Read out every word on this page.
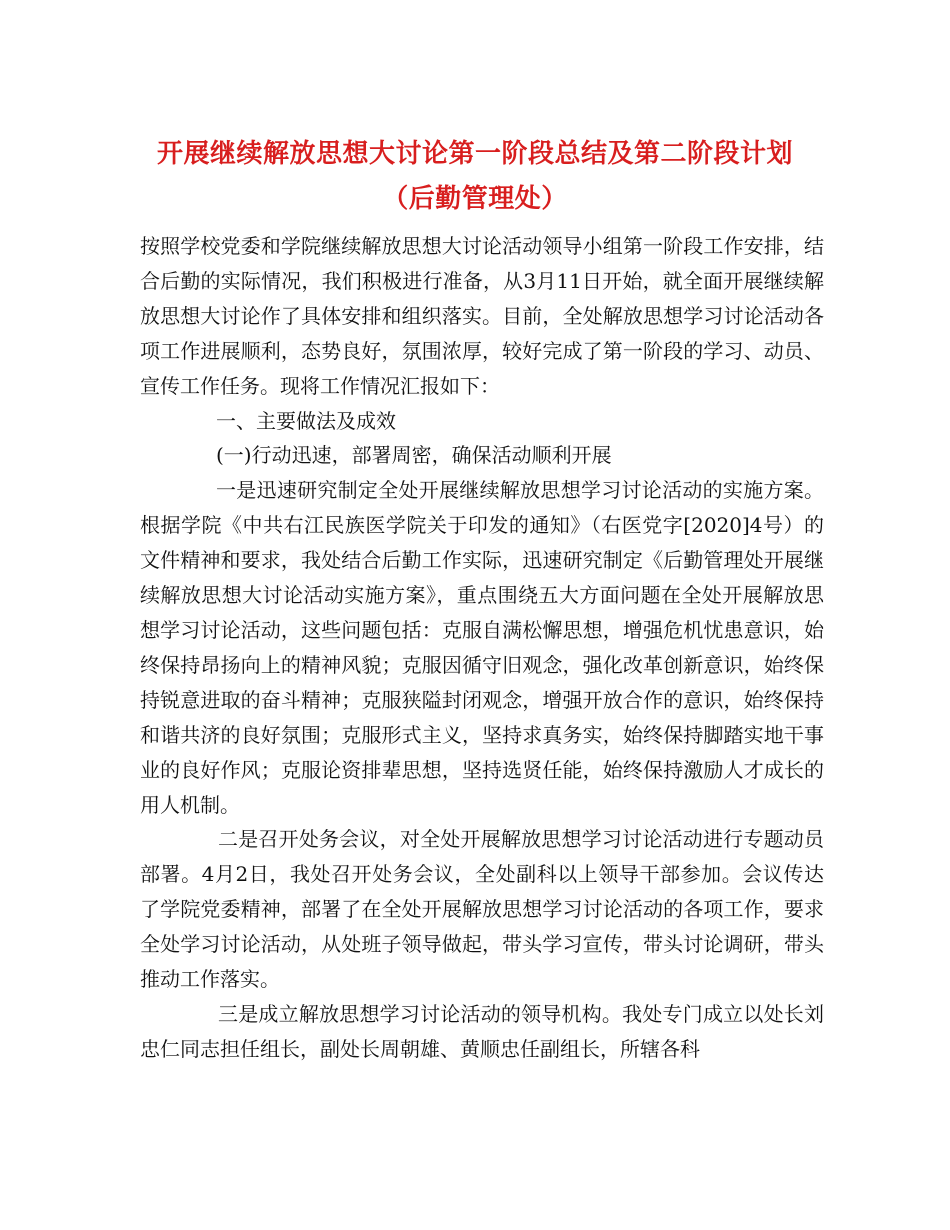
开展继续解放思想大讨论第一阶段总结及第二阶段计划
（后勤管理处）

按照学校党委和学院继续解放思想大讨论活动领导小组第一阶段工作安排，结合后勤的实际情况，我们积极进行准备，从3月11日开始，就全面开展继续解放思想大讨论作了具体安排和组织落实。目前，全处解放思想学习讨论活动各项工作进展顺利，态势良好，氛围浓厚，较好完成了第一阶段的学习、动员、宣传工作任务。现将工作情况汇报如下：

一、主要做法及成效

(一)行动迅速，部署周密，确保活动顺利开展

一是迅速研究制定全处开展继续解放思想学习讨论活动的实施方案。根据学院《中共右江民族医学院关于印发的通知》（右医党字[2020]4号）的文件精神和要求，我处结合后勤工作实际，迅速研究制定《后勤管理处开展继续解放思想大讨论活动实施方案》，重点围绕五大方面问题在全处开展解放思想学习讨论活动，这些问题包括：克服自满松懈思想，增强危机忧患意识，始终保持昂扬向上的精神风貌；克服因循守旧观念，强化改革创新意识，始终保持锐意进取的奋斗精神；克服狭隘封闭观念，增强开放合作的意识，始终保持和谐共济的良好氛围；克服形式主义，坚持求真务实，始终保持脚踏实地干事业的良好作风；克服论资排辈思想，坚持选贤任能，始终保持激励人才成长的用人机制。

二是召开处务会议，对全处开展解放思想学习讨论活动进行专题动员部署。4月2日，我处召开处务会议，全处副科以上领导干部参加。会议传达了学院党委精神，部署了在全处开展解放思想学习讨论活动的各项工作，要求全处学习讨论活动，从处班子领导做起，带头学习宣传，带头讨论调研，带头推动工作落实。

三是成立解放思想学习讨论活动的领导机构。我处专门成立以处长刘忠仁同志担任组长，副处长周朝雄、黄顺忠任副组长，所辖各科
